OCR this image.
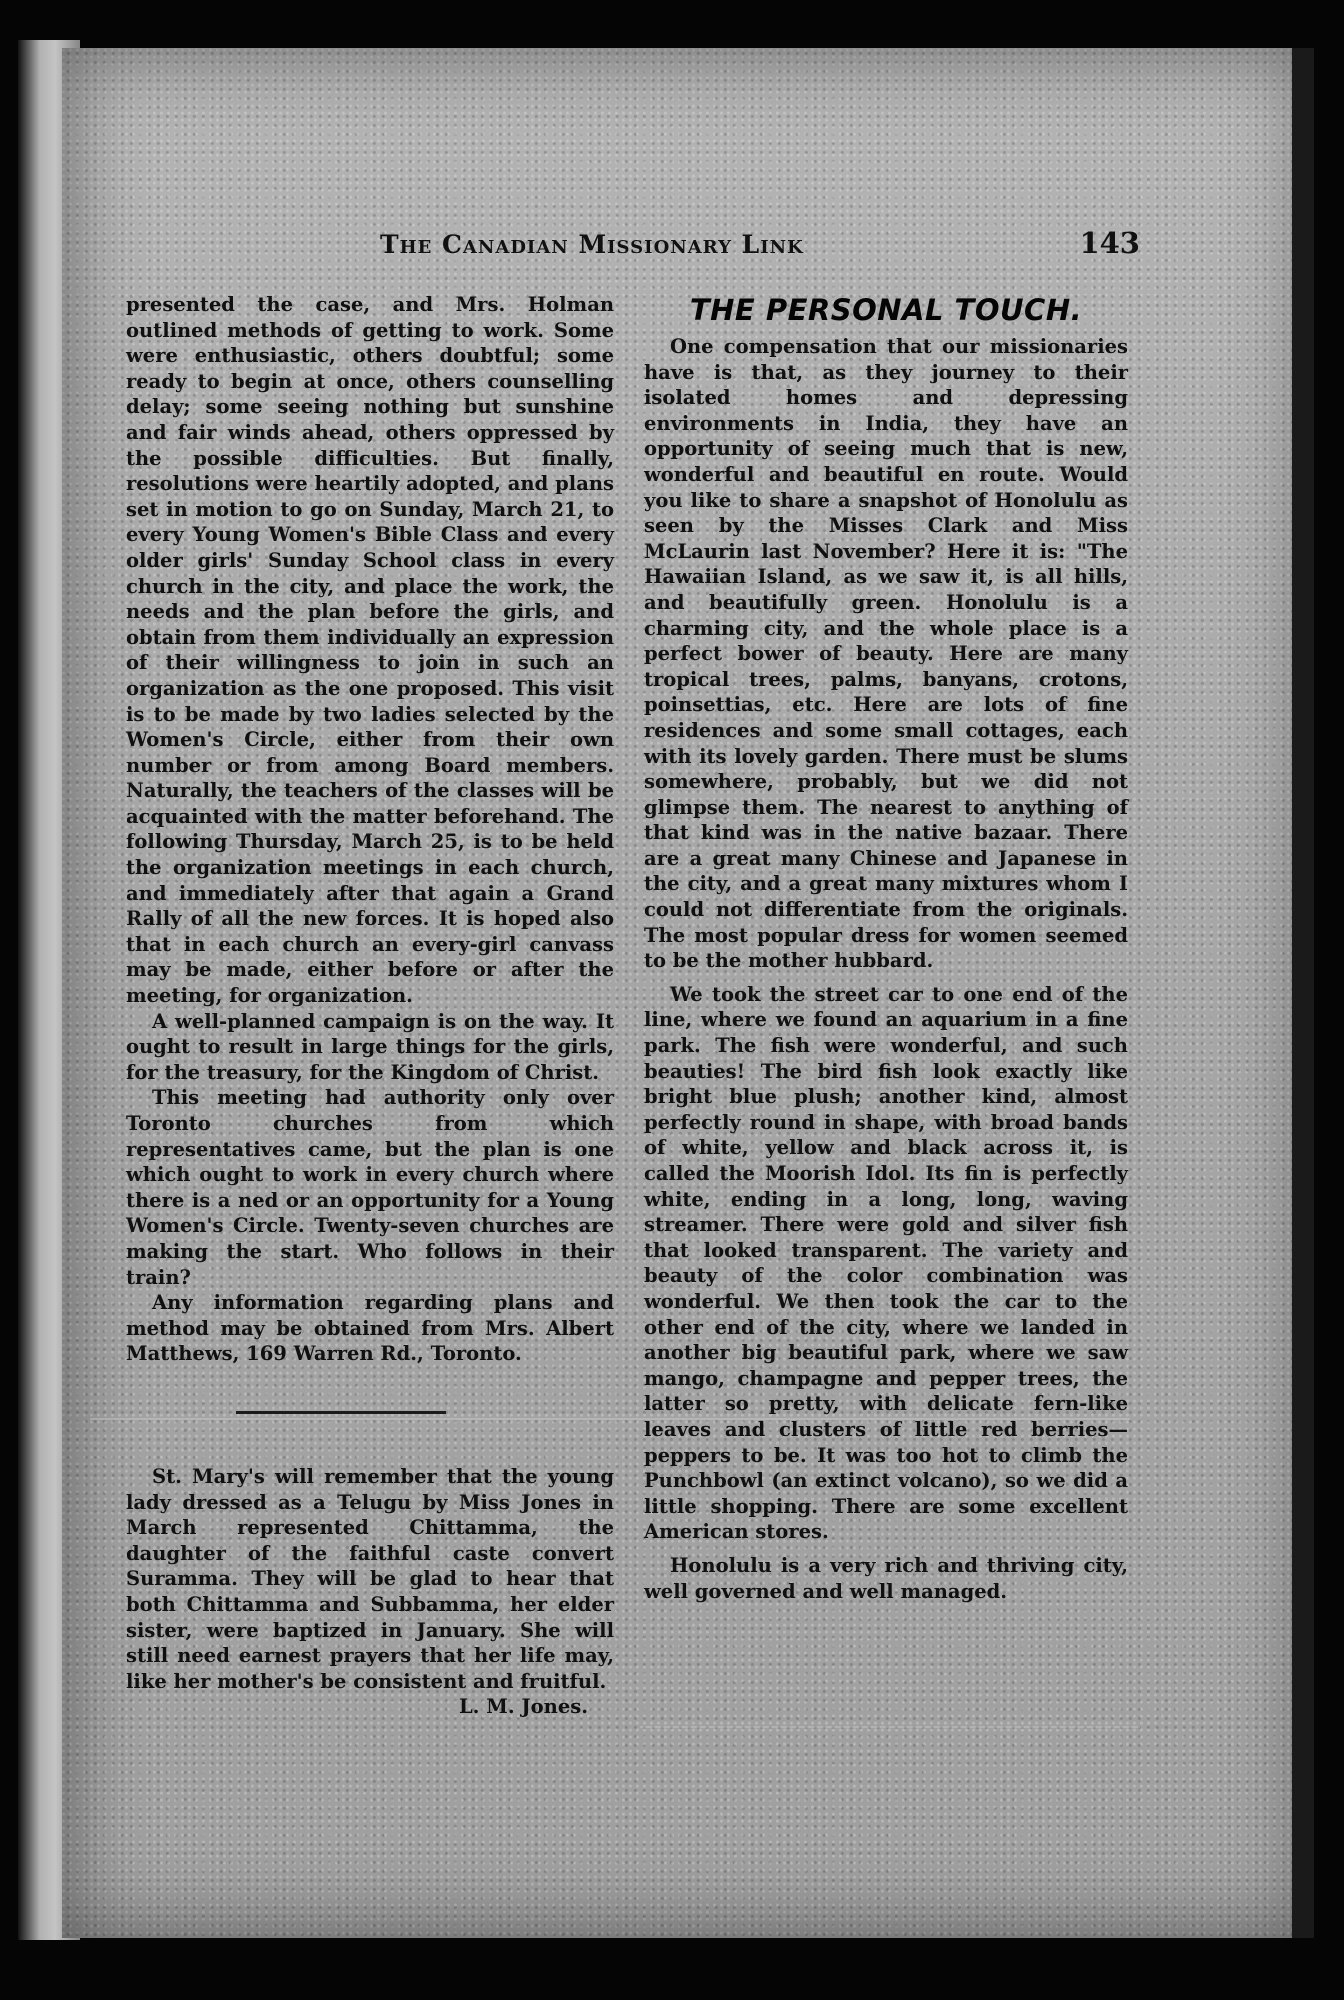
The Canadian Missionary Link	143

presented the case, and Mrs. Holman outlined methods of getting to work. Some were enthusiastic, others doubtful; some ready to begin at once, others counselling delay; some seeing nothing but sunshine and fair winds ahead, others oppressed by the possible difficulties. But finally, resolutions were heartily adopted, and plans set in motion to go on Sunday, March 21, to every Young Women's Bible Class and every older girls' Sunday School class in every church in the city, and place the work, the needs and the plan before the girls, and obtain from them individually an expression of their willingness to join in such an organization as the one proposed. This visit is to be made by two ladies selected by the Women's Circle, either from their own number or from among Board members. Naturally, the teachers of the classes will be acquainted with the matter beforehand. The following Thursday, March 25, is to be held the organization meetings in each church, and immediately after that again a Grand Rally of all the new forces. It is hoped also that in each church an every-girl canvass may be made, either before or after the meeting, for organization.

A well-planned campaign is on the way. It ought to result in large things for the girls, for the treasury, for the Kingdom of Christ.

This meeting had authority only over Toronto churches from which representatives came, but the plan is one which ought to work in every church where there is a ned or an opportunity for a Young Women's Circle. Twenty-seven churches are making the start. Who follows in their train?

Any information regarding plans and method may be obtained from Mrs. Albert Matthews, 169 Warren Rd., Toronto.

St. Mary's will remember that the young lady dressed as a Telugu by Miss Jones in March represented Chittamma, the daughter of the faithful caste convert Suramma. They will be glad to hear that both Chittamma and Subbamma, her elder sister, were baptized in January. She will still need earnest prayers that her life may, like her mother's be consistent and fruitful.

L. M. Jones.

THE PERSONAL TOUCH.

One compensation that our missionaries have is that, as they journey to their isolated homes and depressing environments in India, they have an opportunity of seeing much that is new, wonderful and beautiful en route. Would you like to share a snapshot of Honolulu as seen by the Misses Clark and Miss McLaurin last November? Here it is: "The Hawaiian Island, as we saw it, is all hills, and beautifully green. Honolulu is a charming city, and the whole place is a perfect bower of beauty. Here are many tropical trees, palms, banyans, crotons, poinsettias, etc. Here are lots of fine residences and some small cottages, each with its lovely garden. There must be slums somewhere, probably, but we did not glimpse them. The nearest to anything of that kind was in the native bazaar. There are a great many Chinese and Japanese in the city, and a great many mixtures whom I could not differentiate from the originals. The most popular dress for women seemed to be the mother hubbard.

We took the street car to one end of the line, where we found an aquarium in a fine park. The fish were wonderful, and such beauties! The bird fish look exactly like bright blue plush; another kind, almost perfectly round in shape, with broad bands of white, yellow and black across it, is called the Moorish Idol. Its fin is perfectly white, ending in a long, long, waving streamer. There were gold and silver fish that looked transparent. The variety and beauty of the color combination was wonderful. We then took the car to the other end of the city, where we landed in another big beautiful park, where we saw mango, champagne and pepper trees, the latter so pretty, with delicate fern-like leaves and clusters of little red berries—peppers to be. It was too hot to climb the Punchbowl (an extinct volcano), so we did a little shopping. There are some excellent American stores.

Honolulu is a very rich and thriving city, well governed and well managed.
